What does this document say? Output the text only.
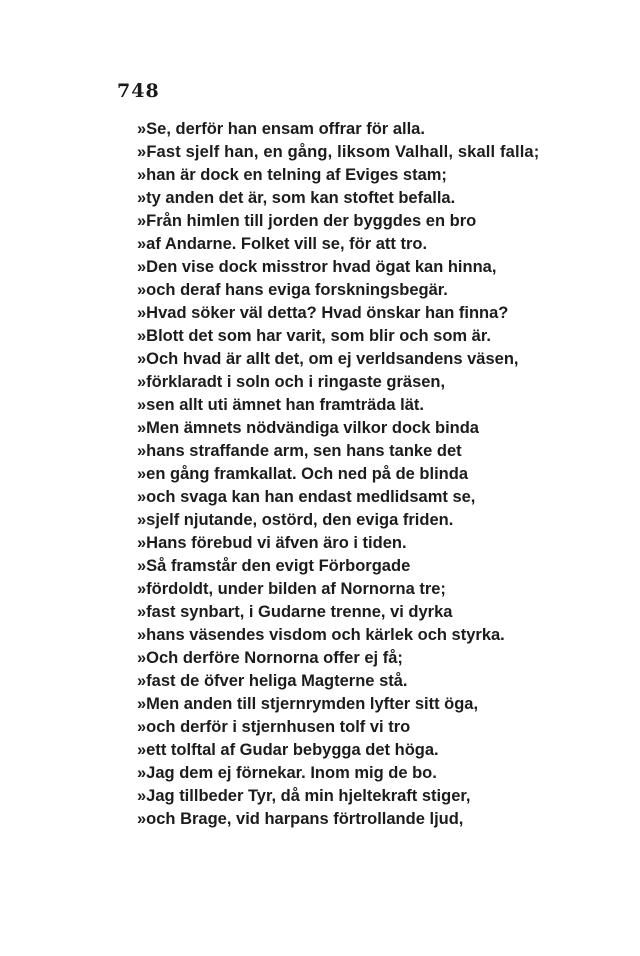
748
»Se, derför han ensam offrar för alla.
»Fast sjelf han, en gång, liksom Valhall, skall falla;
»han är dock en telning af Eviges stam;
»ty anden det är, som kan stoftet befalla.
»Från himlen till jorden der byggdes en bro
»af Andarne. Folket vill se, för att tro.
»Den vise dock misstror hvad ögat kan hinna,
»och deraf hans eviga forskningsbegär.
»Hvad söker väl detta? Hvad önskar han finna?
»Blott det som har varit, som blir och som är.
»Och hvad är allt det, om ej verldsandens väsen,
»förklaradt i soln och i ringaste gräsen,
»sen allt uti ämnet han framträda lät.
»Men ämnets nödvändiga vilkor dock binda
»hans straffande arm, sen hans tanke det
»en gång framkallat. Och ned på de blinda
»och svaga kan han endast medlidsamt se,
»sjelf njutande, ostörd, den eviga friden.
»Hans förebud vi äfven äro i tiden.
»Så framstår den evigt Förborgade
»fördoldt, under bilden af Nornorna tre;
»fast synbart, i Gudarne trenne, vi dyrka
»hans väsendes visdom och kärlek och styrka.
»Och derföre Nornorna offer ej få;
»fast de öfver heliga Magterne stå.
»Men anden till stjernrymden lyfter sitt öga,
»och derför i stjernhusen tolf vi tro
»ett tolftal af Gudar bebygga det höga.
»Jag dem ej förnekar. Inom mig de bo.
»Jag tillbeder Tyr, då min hjeltekraft stiger,
»och Brage, vid harpans förtrollande ljud,
